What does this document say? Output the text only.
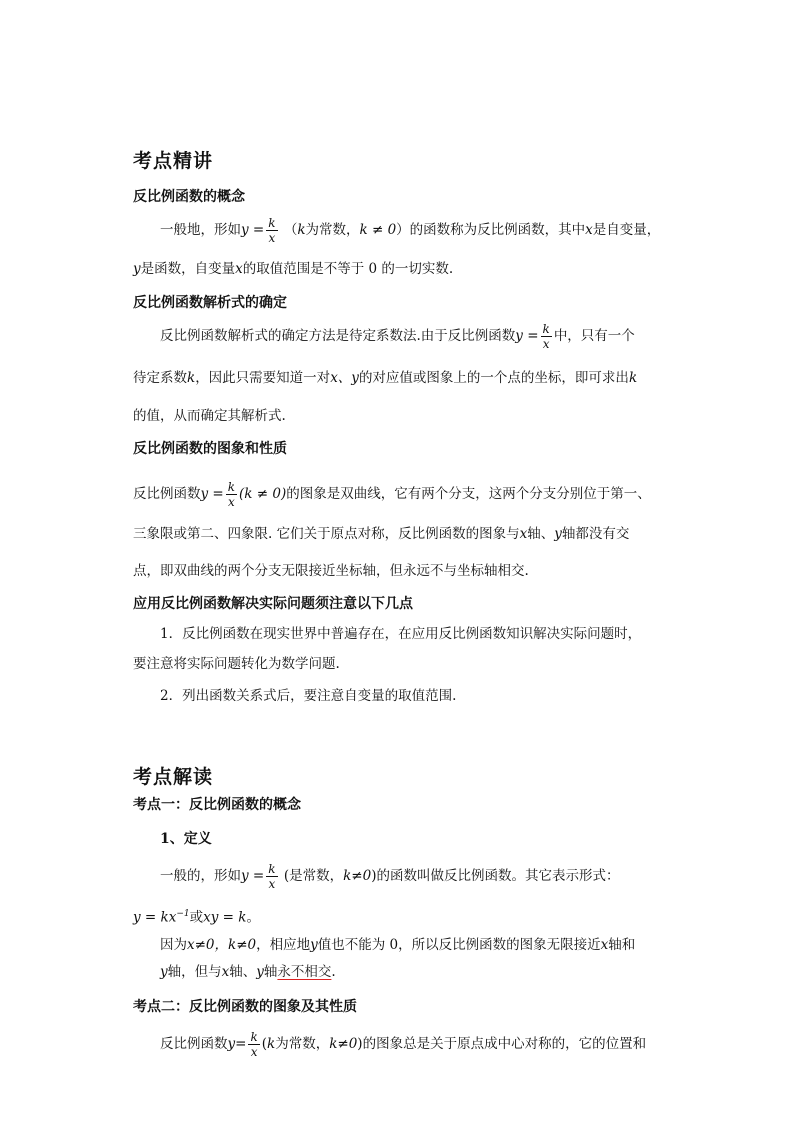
考点精讲
反比例函数的概念
一般地，形如$y = \frac{k}{x} (k$为常数，k ≠ 0）的函数称为反比例函数，其中x是自变量，
y是函数，自变量x的取值范围是不等于 0 的一切实数.
反比例函数解析式的确定
反比例函数解析式的确定方法是待定系数法.由于反比例函数$y = \frac{k}{x}$ 中，只有一个
待定系数k，因此只需要知道一对x、y的对应值或图象上的一个点的坐标，即可求出k
的值，从而确定其解析式.
反比例函数的图象和性质
反比例函数$y = \frac{k}{x} (k \ne 0)$的图象是双曲线，它有两个分支，这两个分支分别位于第一、
三象限或第二、四象限. 它们关于原点对称，反比例函数的图象与x轴、y轴都没有交
点，即双曲线的两个分支无限接近坐标轴，但永远不与坐标轴相交.
应用反比例函数解决实际问题须注意以下几点
1．反比例函数在现实世界中普遍存在，在应用反比例函数知识解决实际问题时，
要注意将实际问题转化为数学问题.
2．列出函数关系式后，要注意自变量的取值范围.
考点解读
考点一：反比例函数的概念
1、定义
一般的，形如$y = \frac{k}{x}$ (是常数，k≠0)的函数叫做反比例函数。其它表示形式：
$y = kx^{-1}$或xy = k。
因为x≠0，k≠0，相应地y值也不能为 0，所以反比例函数的图象无限接近x轴和
y轴，但与x轴、y轴永不相交.
考点二：反比例函数的图象及其性质
反比例函数$y= \frac{k}{x} (k$为常数，k≠0)的图象总是关于原点成中心对称的，它的位置和
